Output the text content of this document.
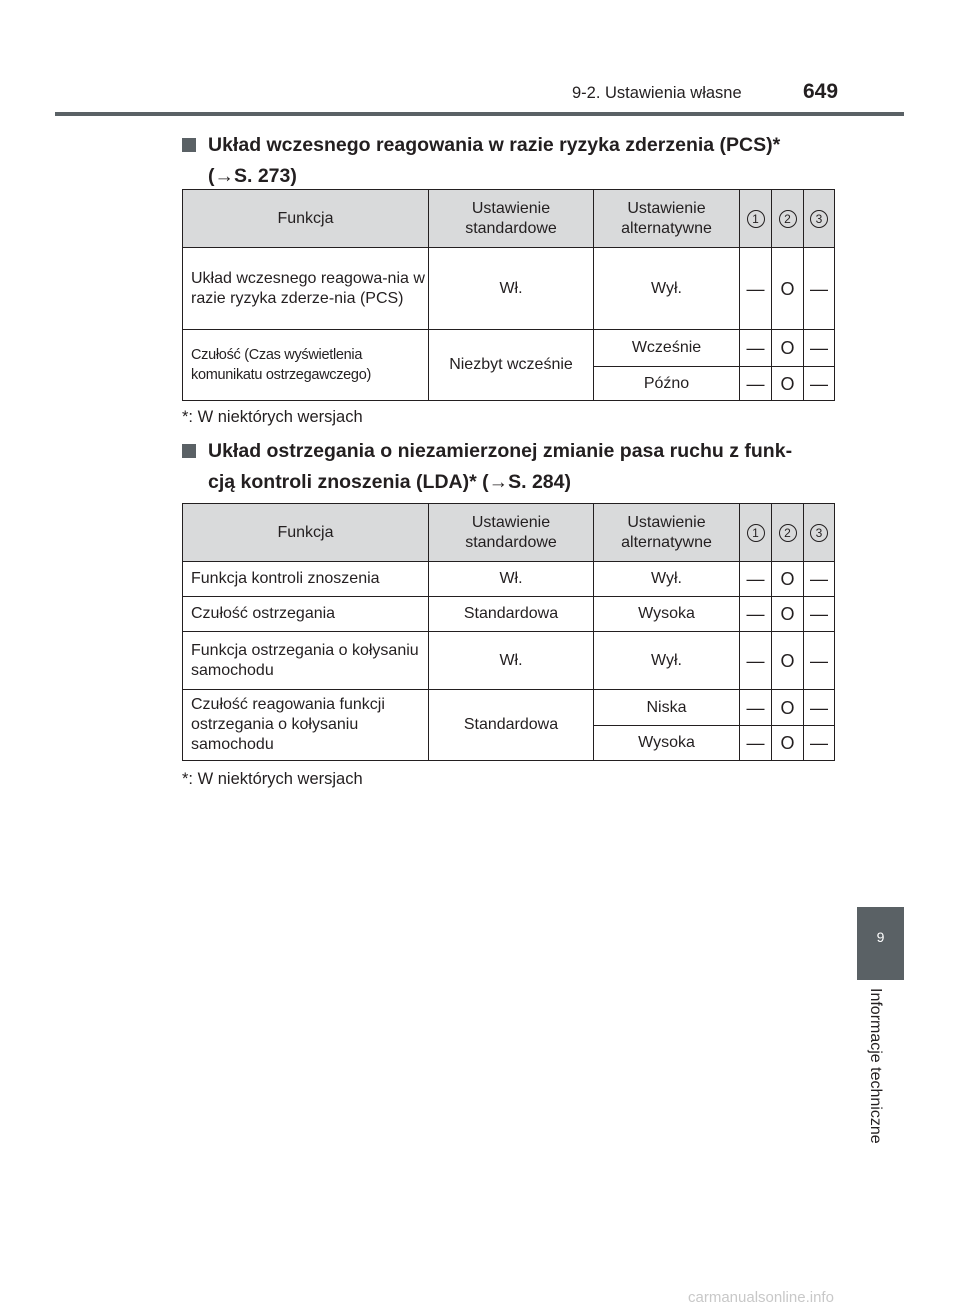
9-2. Ustawienia własne	649
Układ wczesnego reagowania w razie ryzyka zderzenia (PCS)*
(→S. 273)
Funkcja	Ustawienie standardowe	Ustawienie alternatywne	1	2	3
Układ wczesnego reagowa-nia w razie ryzyka zderze-nia (PCS)	Wł.	Wył.	—	O	—
Czułość (Czas wyświetlenia komunikatu ostrzegawczego)	Niezbyt wcześnie	Wcześnie	—	O	—
		Późno	—	O	—
*: W niektórych wersjach
Układ ostrzegania o niezamierzonej zmianie pasa ruchu z funk-
cją kontroli znoszenia (LDA)* (→S. 284)
Funkcja	Ustawienie standardowe	Ustawienie alternatywne	1	2	3
Funkcja kontroli znoszenia	Wł.	Wył.	—	O	—
Czułość ostrzegania	Standardowa	Wysoka	—	O	—
Funkcja ostrzegania o kołysaniu samochodu	Wł.	Wył.	—	O	—
Czułość reagowania funkcji ostrzegania o kołysaniu samochodu	Standardowa	Niska	—	O	—
		Wysoka	—	O	—
*: W niektórych wersjach
9
Informacje techniczne
carmanualsonline.info
